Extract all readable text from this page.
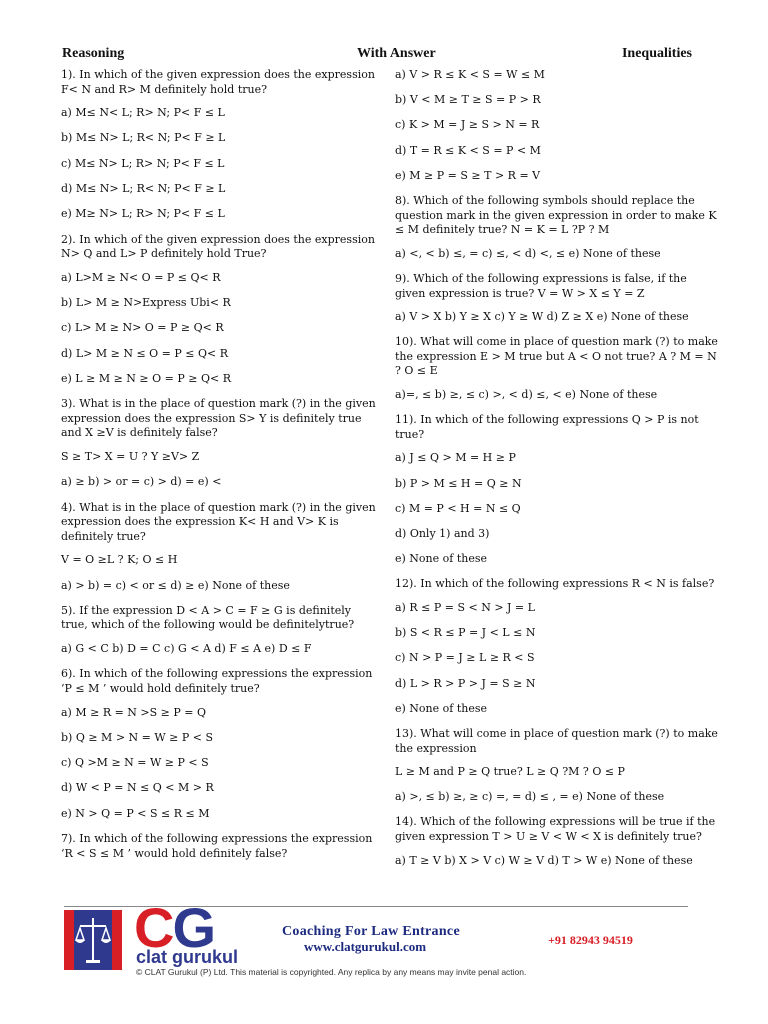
Reasoning	With Answer	Inequalities
1). In which of the given expression does the expression F< N and R> M definitely hold true?
a) M≤ N< L; R> N; P< F ≤ L
b) M≤ N> L; R< N; P< F ≥ L
c) M≤ N> L; R> N; P< F ≤ L
d) M≤ N> L; R< N; P< F ≥ L
e) M≥ N> L; R> N; P< F ≤ L
2). In which of the given expression does the expression N> Q and L> P definitely hold True?
a) L>M ≥ N< O = P ≤ Q< R
b) L> M ≥ N>Express Ubi< R
c) L> M ≥ N> O = P ≥ Q< R
d) L> M ≥ N ≤ O = P ≤ Q< R
e) L ≥ M ≥ N ≥ O = P ≥ Q< R
3). What is in the place of question mark (?) in the given expression does the expression S> Y is definitely true and X ≥V is definitely false?
S ≥ T> X = U ? Y ≥V> Z
a) ≥ b) > or = c) > d) = e) <
4). What is in the place of question mark (?) in the given expression does the expression K< H and V> K is definitely true?
V = O ≥L ? K; O ≤ H
a) > b) = c) < or ≤ d) ≥ e) None of these
5). If the expression D < A > C = F ≥ G is definitely true, which of the following would be definitelytrue?
a) G < C b) D = C c) G < A d) F ≤ A e) D ≤ F
6). In which of the following expressions the expression ‘P ≤ M ’ would hold definitely true?
a) M ≥ R = N >S ≥ P = Q
b) Q ≥ M > N = W ≥ P < S
c) Q >M ≥ N = W ≥ P < S
d) W < P = N ≤ Q < M > R
e) N > Q = P < S ≤ R ≤ M
7). In which of the following expressions the expression ‘R < S ≤ M ’ would hold definitely false?
a) V > R ≤ K < S = W ≤ M
b) V < M ≥ T ≥ S = P > R
c) K > M = J ≥ S > N = R
d) T = R ≤ K < S = P < M
e) M ≥ P = S ≥ T > R = V
8). Which of the following symbols should replace the question mark in the given expression in order to make K ≤ M definitely true? N = K = L ?P ? M
a) <, < b) ≤, = c) ≤, < d) <, ≤ e) None of these
9). Which of the following expressions is false, if the given expression is true? V = W > X ≤ Y = Z
a) V > X b) Y ≥ X c) Y ≥ W d) Z ≥ X e) None of these
10). What will come in place of question mark (?) to make the expression E > M true but A < O not true? A ? M = N ? O ≤ E
a)=, ≤ b) ≥, ≤ c) >, < d) ≤, < e) None of these
11). In which of the following expressions Q > P is not true?
a) J ≤ Q > M = H ≥ P
b) P > M ≤ H = Q ≥ N
c) M = P < H = N ≤ Q
d) Only 1) and 3)
e) None of these
12). In which of the following expressions R < N is false?
a) R ≤ P = S < N > J = L
b) S < R ≤ P = J < L ≤ N
c) N > P = J ≥ L ≥ R < S
d) L > R > P > J = S ≥ N
e) None of these
13). What will come in place of question mark (?) to make the expression
L ≥ M and P ≥ Q true? L ≥ Q ?M ? O ≤ P
a) >, ≤ b) ≥, ≥ c) =, = d) ≤ , = e) None of these
14). Which of the following expressions will be true if the given expression T > U ≥ V < W < X is definitely true?
a) T ≥ V b) X > V c) W ≥ V d) T > W e) None of these
CG
clat gurukul
Coaching For Law Entrance
www.clatgurukul.com	+91 82943 94519
© CLAT Gurukul (P) Ltd. This material is copyrighted. Any replica by any means may invite penal action.
